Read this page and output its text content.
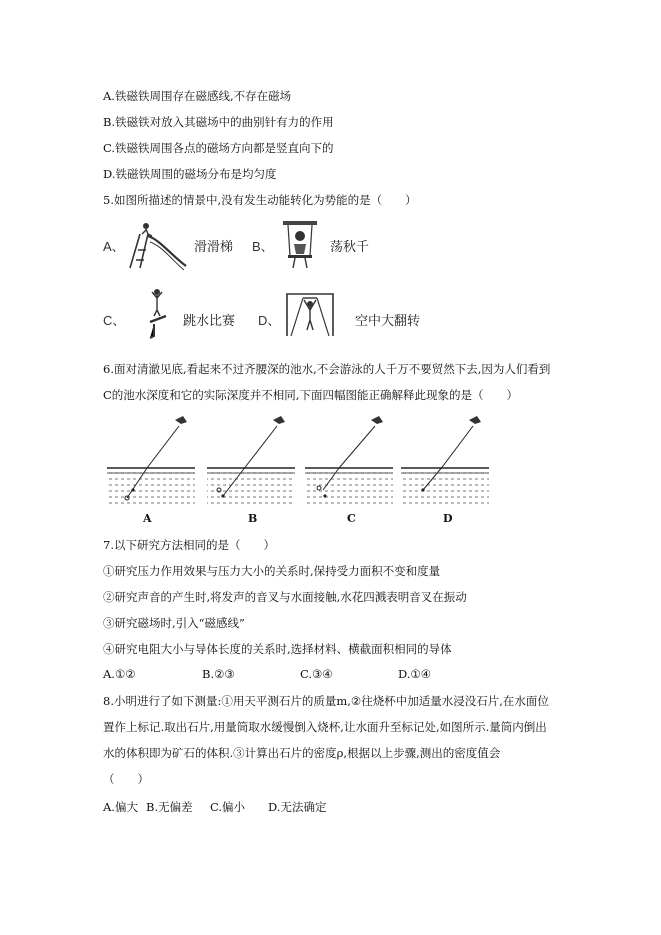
A.铁磁铁周围存在磁感线,不存在磁场
B.铁磁铁对放入其磁场中的曲别针有力的作用
C.铁磁铁周围各点的磁场方向都是竖直向下的
D.铁磁铁周围的磁场分布是均匀度
5.如图所描述的情景中,没有发生动能转化为势能的是（　　）
A、	滑滑梯 B、	荡秋千
C、	跳水比赛 D、	空中大翻转
6.面对清澈见底,看起来不过齐腰深的池水,不会游泳的人千万不要贸然下去,因为人们看到
C的池水深度和它的实际深度并不相同,下面四幅图能正确解释此现象的是（　　）
A	B	C	D
7.以下研究方法相同的是（　　）
①研究压力作用效果与压力大小的关系时,保持受力面积不变和度量
②研究声音的产生时,将发声的音叉与水面接触,水花四溅表明音叉在振动
③研究磁场时,引入“磁感线”
④研究电阻大小与导体长度的关系时,选择材料、横截面积相同的导体
A.①②	B.②③	C.③④	D.①④
8.小明进行了如下测量:①用天平测石片的质量m,②往烧杯中加适量水浸没石片,在水面位
置作上标记.取出石片,用量筒取水缓慢倒入烧杯,让水面升至标记处,如图所示.量筒内倒出
水的体积即为矿石的体积.③计算出石片的密度ρ,根据以上步骤,测出的密度值会
（　　）
A.偏大 B.无偏差 C.偏小 D.无法确定
